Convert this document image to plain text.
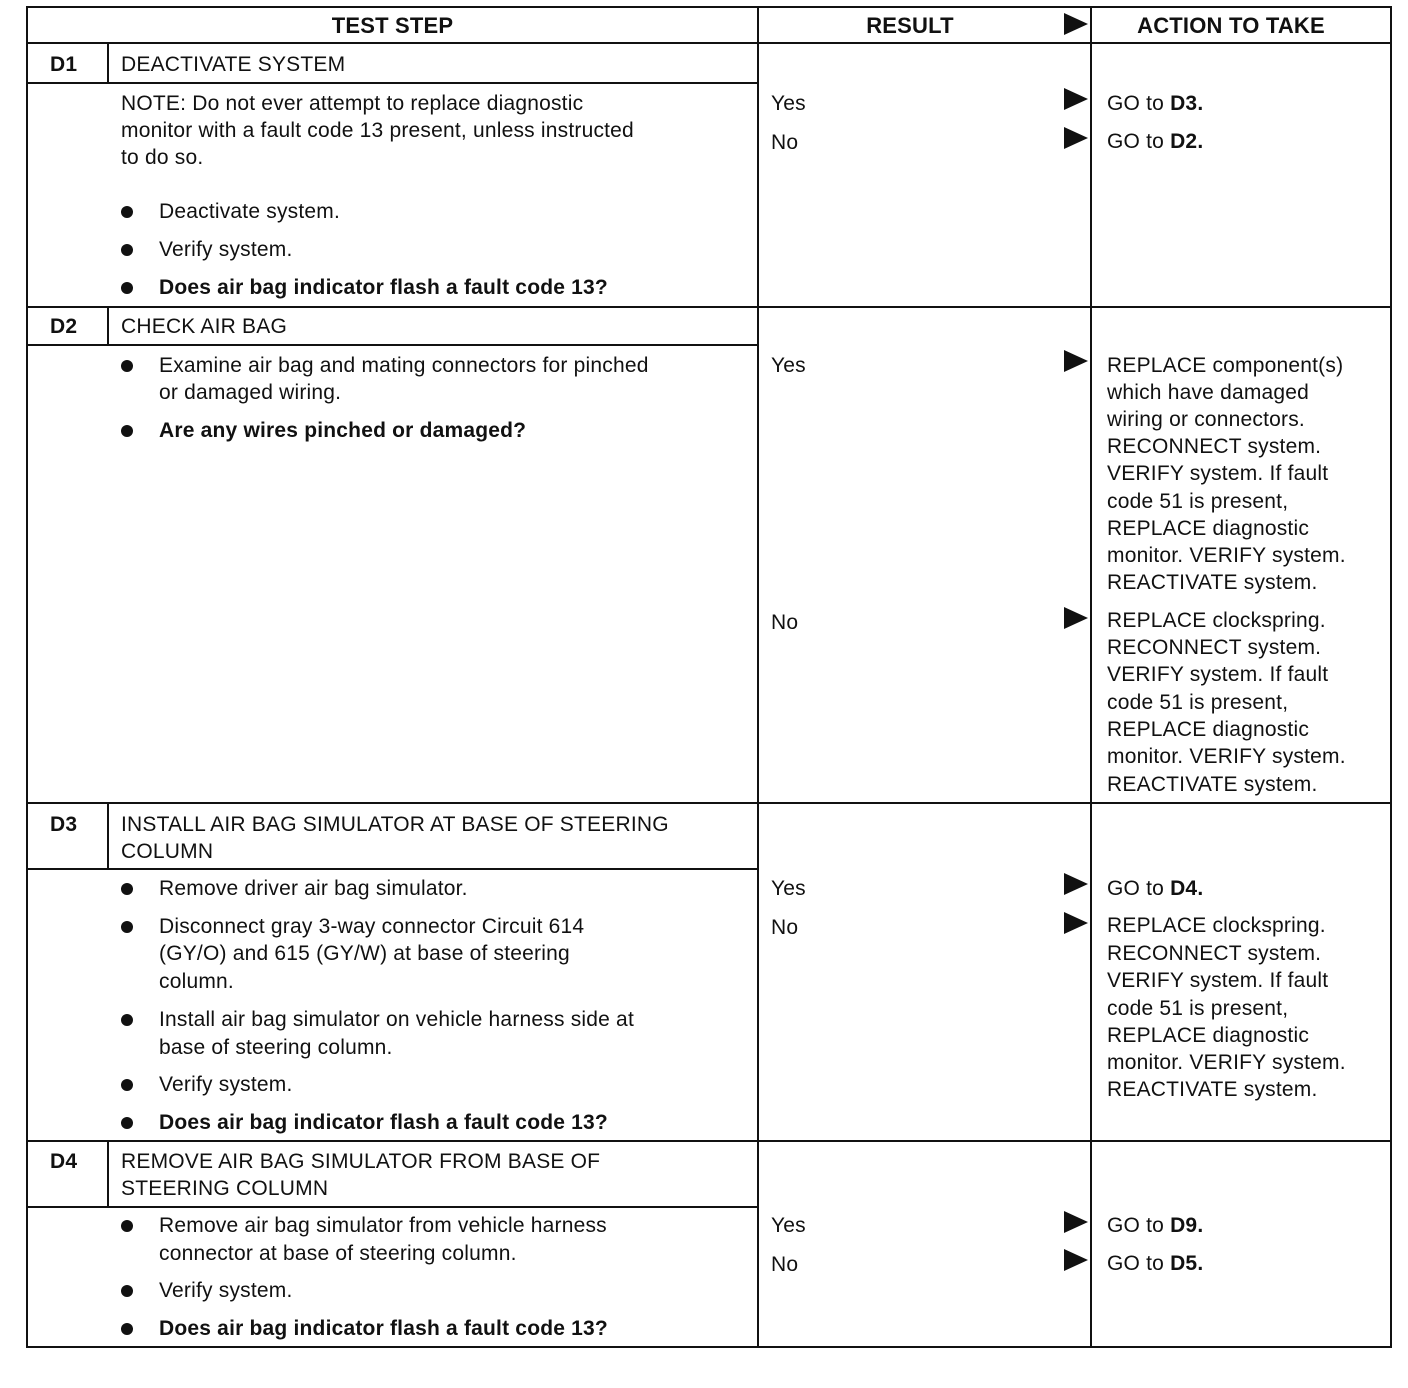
TEST STEP	RESULT	ACTION TO TAKE
D1 DEACTIVATE SYSTEM
NOTE: Do not ever attempt to replace diagnostic
monitor with a fault code 13 present, unless instructed
to do so.
Deactivate system.
Verify system.
Does air bag indicator flash a fault code 13?
Yes	GO to D3.
No	GO to D2.
D2 CHECK AIR BAG
Examine air bag and mating connectors for pinched
or damaged wiring.
Are any wires pinched or damaged?
Yes	REPLACE component(s)
which have damaged
wiring or connectors.
RECONNECT system.
VERIFY system. If fault
code 51 is present,
REPLACE diagnostic
monitor. VERIFY system.
REACTIVATE system.
No	REPLACE clockspring.
RECONNECT system.
VERIFY system. If fault
code 51 is present,
REPLACE diagnostic
monitor. VERIFY system.
REACTIVATE system.
D3 INSTALL AIR BAG SIMULATOR AT BASE OF STEERING
COLUMN
Remove driver air bag simulator.
Disconnect gray 3-way connector Circuit 614
(GY/O) and 615 (GY/W) at base of steering
column.
Install air bag simulator on vehicle harness side at
base of steering column.
Verify system.
Does air bag indicator flash a fault code 13?
Yes	GO to D4.
No	REPLACE clockspring.
RECONNECT system.
VERIFY system. If fault
code 51 is present,
REPLACE diagnostic
monitor. VERIFY system.
REACTIVATE system.
D4 REMOVE AIR BAG SIMULATOR FROM BASE OF
STEERING COLUMN
Remove air bag simulator from vehicle harness
connector at base of steering column.
Verify system.
Does air bag indicator flash a fault code 13?
Yes	GO to D9.
No	GO to D5.
